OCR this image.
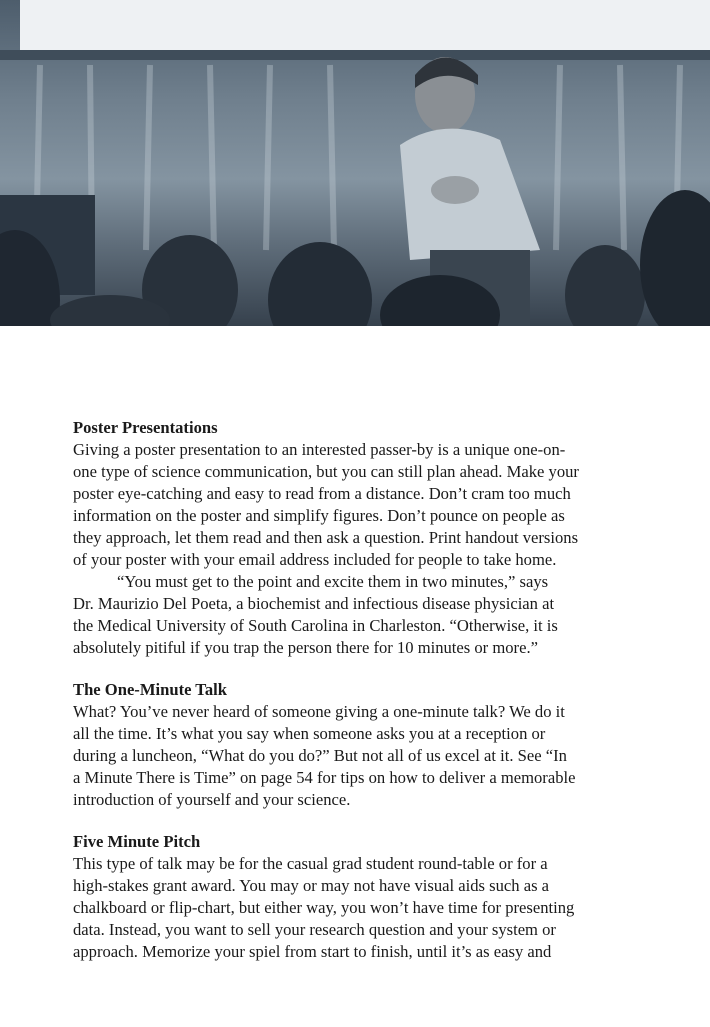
Poster Presentations

Giving a poster presentation to an interested passer-by is a unique one-on-
one type of science communication, but you can still plan ahead. Make your
poster eye-catching and easy to read from a distance. Don’t cram too much
information on the poster and simplify figures. Don’t pounce on people as
they approach, let them read and then ask a question. Print handout versions
of your poster with your email address included for people to take home.

“You must get to the point and excite them in two minutes,” says
Dr. Maurizio Del Poeta, a biochemist and infectious disease physician at
the Medical University of South Carolina in Charleston. “Otherwise, it is
absolutely pitiful if you trap the person there for 10 minutes or more.”

The One-Minute Talk

What? You’ve never heard of someone giving a one-minute talk? We do it
all the time. It’s what you say when someone asks you at a reception or
during a luncheon, “What do you do?” But not all of us excel at it. See “In
a Minute There is Time” on page 54 for tips on how to deliver a memorable
introduction of yourself and your science.

Five Minute Pitch

This type of talk may be for the casual grad student round-table or for a
high-stakes grant award. You may or may not have visual aids such as a
chalkboard or flip-chart, but either way, you won’t have time for presenting
data. Instead, you want to sell your research question and your system or
approach. Memorize your spiel from start to finish, until it’s as easy and
